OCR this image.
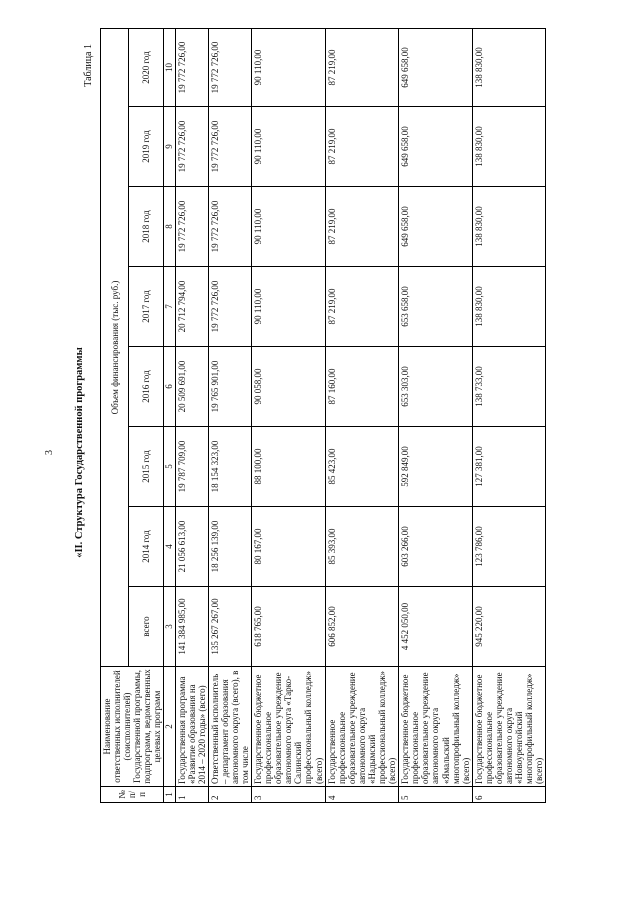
3 «II. Структура Государственной программы
Таблица 1
№ п/п	Наименование ответственных исполнителей (соисполнителей) Государственной программы, подпрограмм, ведомственных целевых программ	Объем финансирования (тыс. руб.)							
		всего	2014 год	2015 год	2016 год	2017 год	2018 год	2019 год	2020 год
1	2	3	4	5	6	7	8	9	10
1	Государственная программа «Развитие образования на 2014 – 2020 годы» (всего)	141 384 985,00	21 056 613,00	19 787 709,00	20 509 691,00	20 712 794,00	19 772 726,00	19 772 726,00	19 772 726,00
2	Ответственный исполнитель – департамент образования автономного округа (всего), в том числе	135 267 267,00	18 256 139,00	18 154 323,00	19 765 901,00	19 772 726,00	19 772 726,00	19 772 726,00	19 772 726,00
3	Государственное бюджетное профессиональное образовательное учреждение автономного округа «Тарко-Салинский профессиональный колледж» (всего)	618 765,00	80 167,00	88 100,00	90 058,00	90 110,00	90 110,00	90 110,00	90 110,00
4	Государственное профессиональное образовательное учреждение автономного округа «Надымский профессиональный колледж» (всего)	606 852,00	85 393,00	85 423,00	87 160,00	87 219,00	87 219,00	87 219,00	87 219,00
5	Государственное бюджетное профессиональное образовательное учреждение автономного округа «Ямальский многопрофильный колледж» (всего)	4 452 050,00	603 266,00	592 849,00	653 303,00	653 658,00	649 658,00	649 658,00	649 658,00
6	Государственное бюджетное профессиональное образовательное учреждение автономного округа «Новоуренгойский многопрофильный колледж» (всего)	945 220,00	123 786,00	127 381,00	138 733,00	138 830,00	138 830,00	138 830,00	138 830,00
